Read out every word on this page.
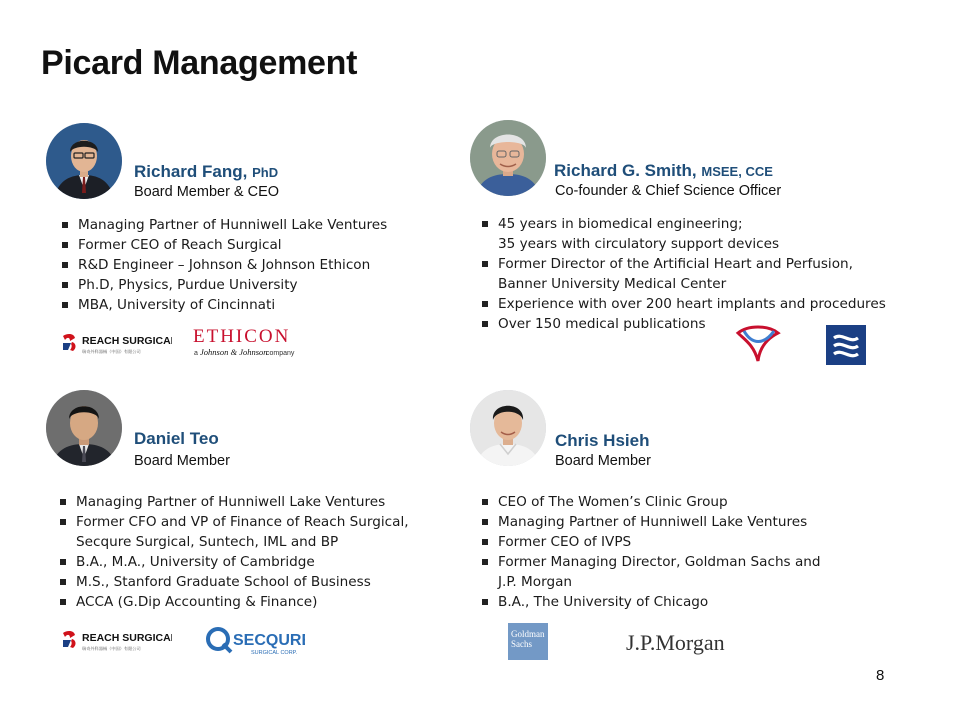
Picard Management
Richard Fang, PhD
Board Member & CEO
Managing Partner of Hunniwell Lake Ventures
Former CEO of Reach Surgical
R&D Engineer – Johnson & Johnson Ethicon
Ph.D, Physics, Purdue University
MBA, University of Cincinnati
REACH SURGICAL
瑞奇外科器械（中国）有限公司
ETHICON
a Johnson & Johnson
company
Richard G. Smith, MSEE, CCE
Co-founder & Chief Science Officer
45 years in biomedical engineering;
35 years with circulatory support devices
Former Director of the Artificial Heart and Perfusion,
Banner University Medical Center
Experience with over 200 heart implants and procedures
Over 150 medical publications
Daniel Teo
Board Member
Managing Partner of Hunniwell Lake Ventures
Former CFO and VP of Finance of Reach Surgical,
Secqure Surgical, Suntech, IML and BP
B.A., M.A., University of Cambridge
M.S., Stanford Graduate School of Business
ACCA (G.Dip Accounting & Finance)
REACH SURGICAL
瑞奇外科器械（中国）有限公司	SECQURE
SURGICAL CORP.
Chris Hsieh
Board Member
CEO of The Women’s Clinic Group
Managing Partner of Hunniwell Lake Ventures
Former CEO of IVPS
Former Managing Director, Goldman Sachs and
J.P. Morgan
B.A., The University of Chicago
Goldman
Sachs	J.P.Morgan
8
